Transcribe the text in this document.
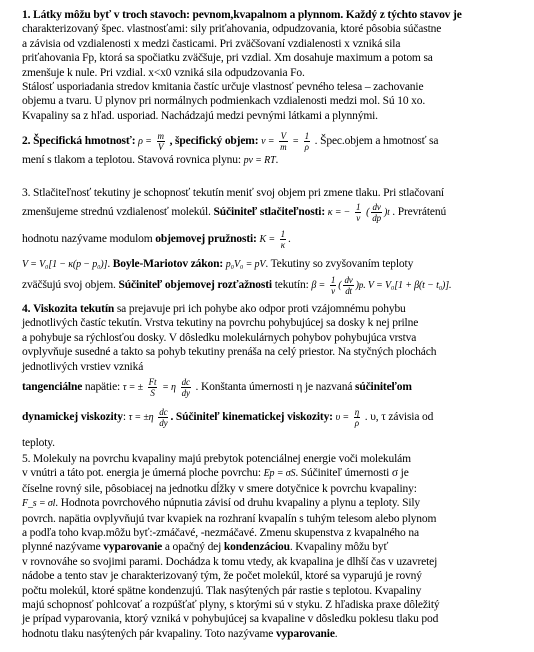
1. Látky môžu byť v troch stavoch: pevnom,kvapalnom a plynnom. Každý z týchto stavov je

charakterizovaný špec. vlastnosťami: sily priťahovania, odpudzovania, ktoré pôsobia súčastne

a závisia od vzdialenosti x medzi časticami. Pri zväčšovaní vzdialenosti x vzniká sila

priťahovania Fp, ktorá sa spočiatku zväčšuje, pri vzdial. Xm dosahuje maximum a potom sa

zmenšuje k nule. Pri vzdial. x<x0 vzniká sila odpudzovania Fo.

Stálosť usporiadania stredov kmitania častíc určuje vlastnosť pevného telesa – zachovanie

objemu a tvaru. U plynov pri normálnych podmienkach vzdialenosti medzi mol. Sú 10 xo.

Kvapaliny sa z hľad. usporiad. Nachádzajú medzi pevnými látkami a plynnými.

2. Špecifická hmotnosť: $\rho = \frac{m}{V}$ , špecifický objem: $v = \frac{V}{m} = \frac{1}{\rho}$ . Špec.objem a hmotnosť sa

mení s tlakom a teplotou. Stavová rovnica plynu: pv = RT.

3. Stlačiteľnosť tekutiny je schopnosť tekutín meniť svoj objem pri zmene tlaku. Pri stlačovaní

zmenšujeme strednú vzdialenosť molekúl. Súčiniteľ stlačiteľnosti: κ = − $\frac{1}{v}$ ( $\frac{dv}{dp} )t$ . Prevrátenú

hodnotu nazývame modulom objemovej pružnosti: $K = \frac{1}{\kappa}$ .

V = V₀[1 − κ(p − p₀)]. Boyle-Mariotov zákon: p₀V₀ = pV. Tekutiny so zvyšovaním teploty

zväčšujú svoj objem. Súčiniteľ objemovej rozťažnosti tekutín: $\beta = \frac{1}{v}$ ( $\frac{dv}{dt} )p$. V = V₀[1 + β(t − t₀)].

4. Viskozita tekutín sa prejavuje pri ich pohybe ako odpor proti vzájomnému pohybu

jednotlivých častíc tekutín. Vrstva tekutiny na povrchu pohybujúcej sa dosky k nej prilne

a pohybuje sa rýchlosťou dosky. V dôsledku molekulárnych pohybov pohybujúca vrstva

ovplyvňuje susedné a takto sa pohyb tekutiny prenáša na celý priestor. Na styčných plochách

jednotlivých vrstiev vzniká

tangenciálne napätie: τ = ± $\frac{Ft}{S} = \eta \frac{dc}{dy}$ . Konštanta úmernosti η je nazvaná súčiniteľom

dynamickej viskozity: $\tau = \pm\eta \frac{dc}{dy}$ . Súčiniteľ kinematickej viskozity: $\upsilon = \frac{\eta}{\rho}$ . υ, τ závisia od

teploty.

5. Molekuly na povrchu kvapaliny majú prebytok potenciálnej energie voči molekulám

v vnútri a táto pot. energia je úmerná ploche povrchu: Ep = σS. Súčiniteľ úmernosti σ je

číselne rovný sile, pôsobiacej na jednotku dĺžky v smere dotyčnice k povrchu kvapaliny:

F_s = σl. Hodnota povrchového núpnutia závisí od druhu kvapaliny a plynu a teploty. Sily

povrch. napätia ovplyvňujú tvar kvapiek na rozhraní kvapalín s tuhým telesom alebo plynom

a podľa toho kvap.môžu byť:-zmáčavé, -nezmáčavé. Zmenu skupenstva z kvapalného na

plynné nazývame vyparovanie a opačný dej kondenzáciou. Kvapaliny môžu byť

v rovnováhe so svojimi parami. Dochádza k tomu vtedy, ak kvapalina je dlhší čas v uzavretej

nádobe a tento stav je charakterizovaný tým, že počet molekúl, ktoré sa vyparujú je rovný

počtu molekúl, ktoré spätne kondenzujú. Tlak nasýtených pár rastie s teplotou. Kvapaliny

majú schopnosť pohlcovať a rozpúšťať plyny, s ktorými sú v styku. Z hľadiska praxe dôležitý

je prípad vyparovania, ktorý vzniká v pohybujúcej sa kvapaline v dôsledku poklesu tlaku pod

hodnotu tlaku nasýtených pár kvapaliny. Toto nazývame vyparovanie.
